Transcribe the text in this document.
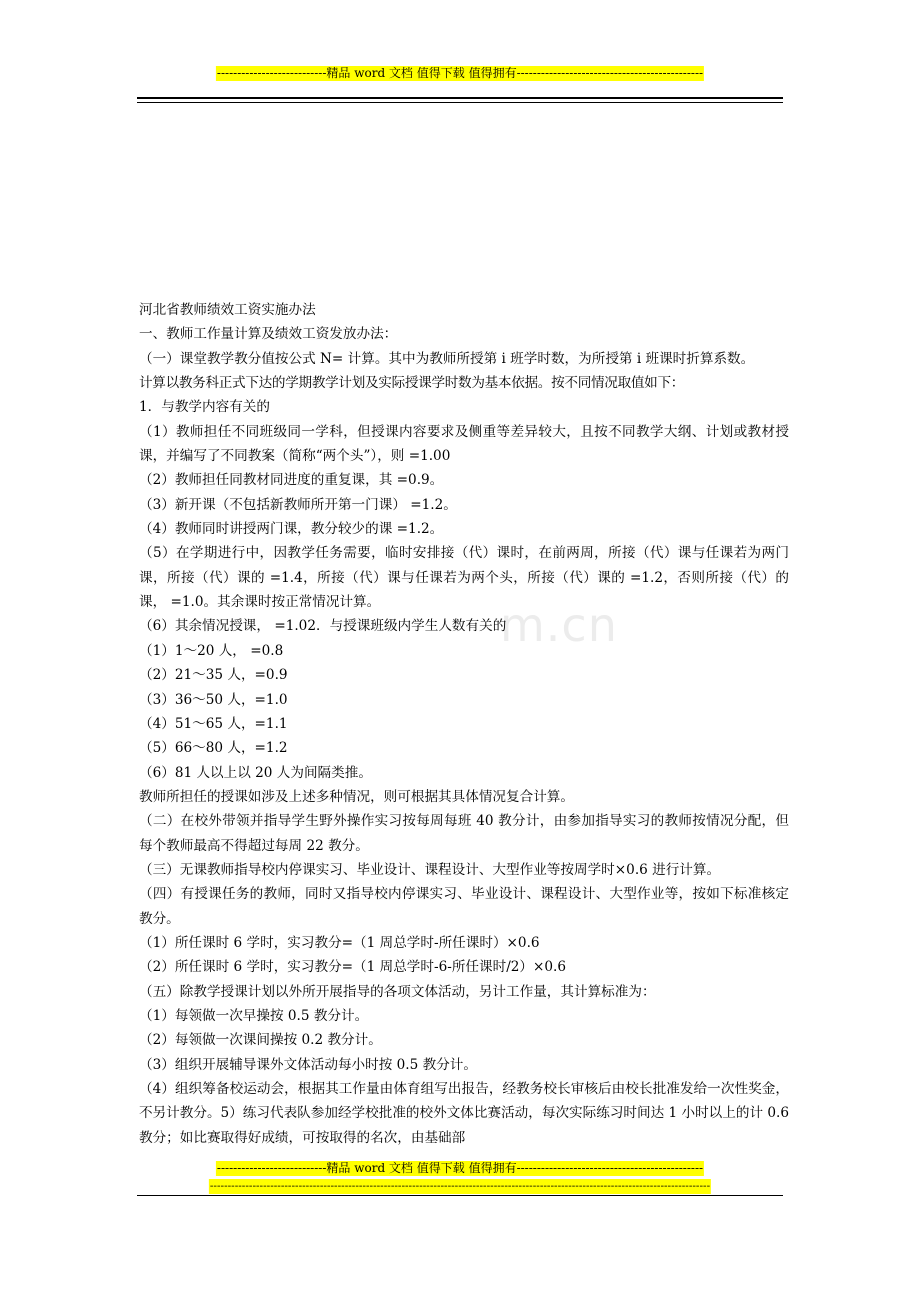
---------------------------精品 word 文档 值得下载 值得拥有----------------------------------------------
m.cn

河北省教师绩效工资实施办法

一、教师工作量计算及绩效工资发放办法：

（一）课堂教学教分值按公式 N= 计算。其中为教师所授第 i 班学时数，为所授第 i 班课时折算系数。

计算以教务科正式下达的学期教学计划及实际授课学时数为基本依据。按不同情况取值如下：

1．与教学内容有关的

（1）教师担任不同班级同一学科，但授课内容要求及侧重等差异较大，且按不同教学大纲、计划或教材授课，并编写了不同教案（简称“两个头”），则 =1.00

（2）教师担任同教材同进度的重复课，其 =0.9。

（3）新开课（不包括新教师所开第一门课） =1.2。

（4）教师同时讲授两门课，教分较少的课 =1.2。

（5）在学期进行中，因教学任务需要，临时安排接（代）课时，在前两周，所接（代）课与任课若为两门课，所接（代）课的 =1.4，所接（代）课与任课若为两个头，所接（代）课的 =1.2，否则所接（代）的课， =1.0。其余课时按正常情况计算。

（6）其余情况授课， =1.02．与授课班级内学生人数有关的

（1）1～20 人， =0.8

（2）21～35 人，=0.9

（3）36～50 人，=1.0

（4）51～65 人，=1.1

（5）66～80 人，=1.2

（6）81 人以上以 20 人为间隔类推。

教师所担任的授课如涉及上述多种情况，则可根据其具体情况复合计算。

（二）在校外带领并指导学生野外操作实习按每周每班 40 教分计，由参加指导实习的教师按情况分配，但每个教师最高不得超过每周 22 教分。

（三）无课教师指导校内停课实习、毕业设计、课程设计、大型作业等按周学时×0.6 进行计算。

（四）有授课任务的教师，同时又指导校内停课实习、毕业设计、课程设计、大型作业等，按如下标准核定教分。

（1）所任课时 6 学时，实习教分=（1 周总学时-所任课时）×0.6

（2）所任课时 6 学时，实习教分=（1 周总学时-6-所任课时/2）×0.6

（五）除教学授课计划以外所开展指导的各项文体活动，另计工作量，其计算标准为：

（1）每领做一次早操按 0.5 教分计。

（2）每领做一次课间操按 0.2 教分计。

（3）组织开展辅导课外文体活动每小时按 0.5 教分计。

（4）组织筹备校运动会，根据其工作量由体育组写出报告，经教务校长审核后由校长批准发给一次性奖金，不另计教分。5）练习代表队参加经学校批准的校外文体比赛活动，每次实际练习时间达 1 小时以上的计 0.6 教分；如比赛取得好成绩，可按取得的名次，由基础部

---------------------------精品 word 文档 值得下载 值得拥有----------------------------------------------
---------------------------------------------------------------------------------------------------------------------------------------------
